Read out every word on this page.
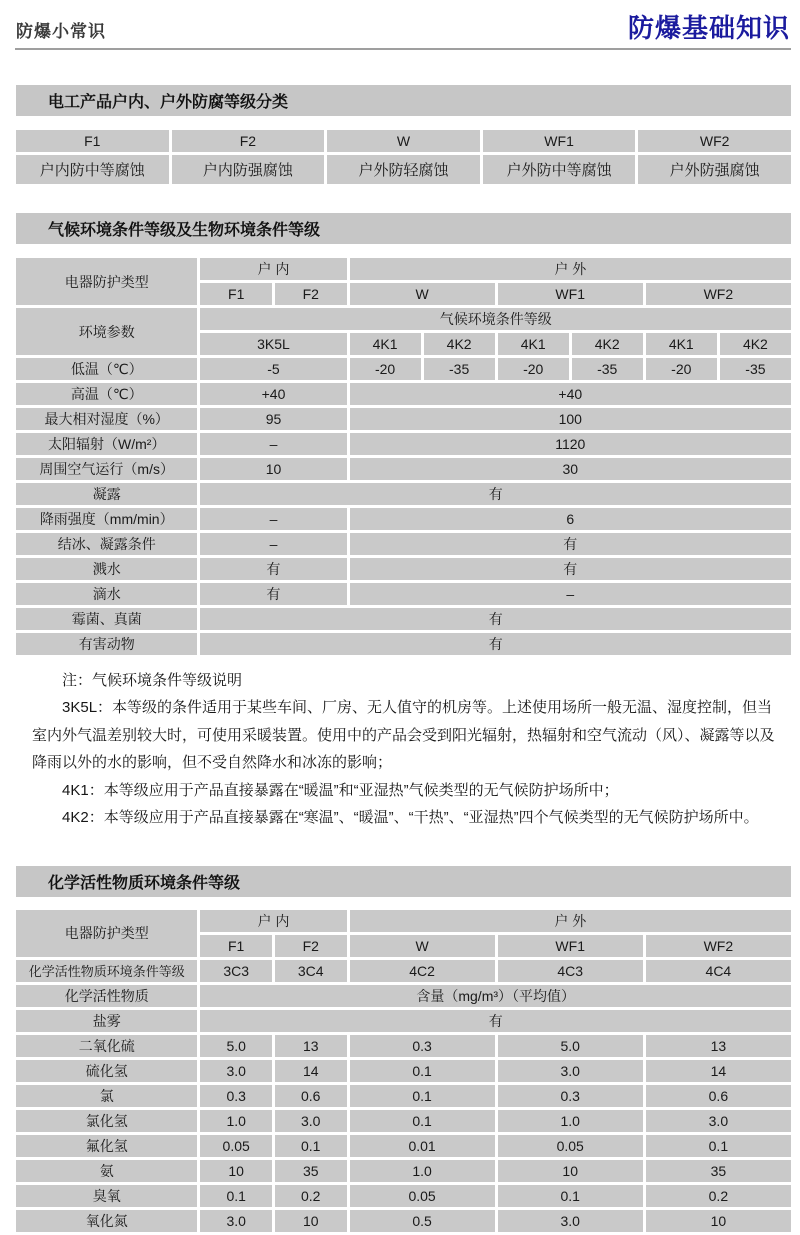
防爆小常识	防爆基础知识
电工产品户内、户外防腐等级分类
F1	F2	W	WF1	WF2
户内防中等腐蚀	户内防强腐蚀	户外防轻腐蚀	户外防中等腐蚀	户外防强腐蚀
气候环境条件等级及生物环境条件等级
电器防护类型	户 内		户 外					
	F1	F2	W		WF1		WF2	
环境参数	气候环境条件等级							
	3K5L		4K1	4K2	4K1	4K2	4K1	4K2
低温（℃）	-5		-20	-35	-20	-35	-20	-35
高温（℃）	+40		+40					
最大相对湿度（%）	95		100					
太阳辐射（W/m²）	–		1120					
周围空气运行（m/s）	10		30					
凝露	有							
降雨强度（mm/min）	–		6					
结冰、凝露条件	–		有					
溅水	有		有					
滴水	有		–					
霉菌、真菌	有							
有害动物	有							

注：气候环境条件等级说明

3K5L：本等级的条件适用于某些车间、厂房、无人值守的机房等。上述使用场所一般无温、湿度控制，但当室内外气温差别较大时，可使用采暖装置。使用中的产品会受到阳光辐射，热辐射和空气流动（风）、凝露等以及降雨以外的水的影响，但不受自然降水和冰冻的影响；

4K1：本等级应用于产品直接暴露在“暖温”和“亚湿热”气候类型的无气候防护场所中；

4K2：本等级应用于产品直接暴露在“寒温”、“暖温”、“干热”、“亚湿热”四个气候类型的无气候防护场所中。

化学活性物质环境条件等级
电器防护类型	户 内		户 外		
	F1	F2	W	WF1	WF2
化学活性物质环境条件等级	3C3	3C4	4C2	4C3	4C4
化学活性物质	含量（mg/m³）（平均值）				
盐雾	有				
二氧化硫	5.0	13	0.3	5.0	13
硫化氢	3.0	14	0.1	3.0	14
氯	0.3	0.6	0.1	0.3	0.6
氯化氢	1.0	3.0	0.1	1.0	3.0
氟化氢	0.05	0.1	0.01	0.05	0.1
氨	10	35	1.0	10	35
臭氧	0.1	0.2	0.05	0.1	0.2
氧化氮	3.0	10	0.5	3.0	10
